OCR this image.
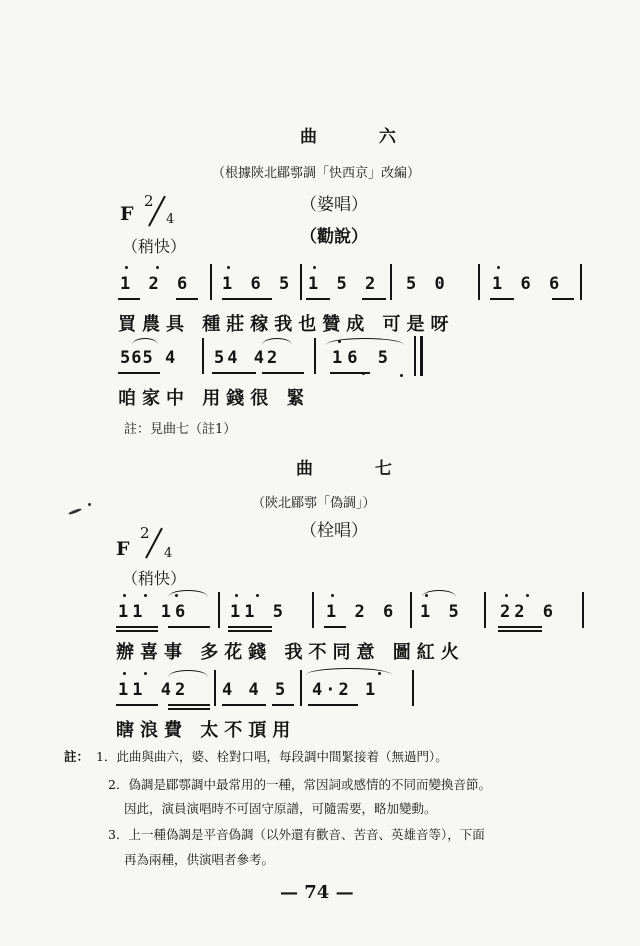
曲 六
（根據陝北郿鄠調「快西京」改編）
F
2
4
（婆唱）
（勸說）
（稍快）
1 2 6 1 6 5 1 5 2 5 0	1 6 6
買農具 種莊稼我也贊成 可是呀
565 4 54 42	16 5
咱家中 用錢很 緊
註：見曲七（註1）
曲 七
（陝北郿鄠「偽調」）
F
2
4
（栓唱）
（稍快）
11 16 11 5 1 2 6 1 5 22 6
辦喜事 多花錢 我不同意 圖紅火
11 42 4 4 5 4·2 1
瞎浪費 太不頂用
註： 1．此曲與曲六，婆、栓對口唱，每段調中間緊接着（無過門）。
2．偽調是郿鄠調中最常用的一種，常因詞或感情的不同而變換音節。
因此，演員演唱時不可固守原譜，可隨需要，略加變動。
3．上一種偽調是平音偽調（以外還有歡音、苦音、英雄音等），下面
再為兩種，供演唱者參考。
— 74 —
